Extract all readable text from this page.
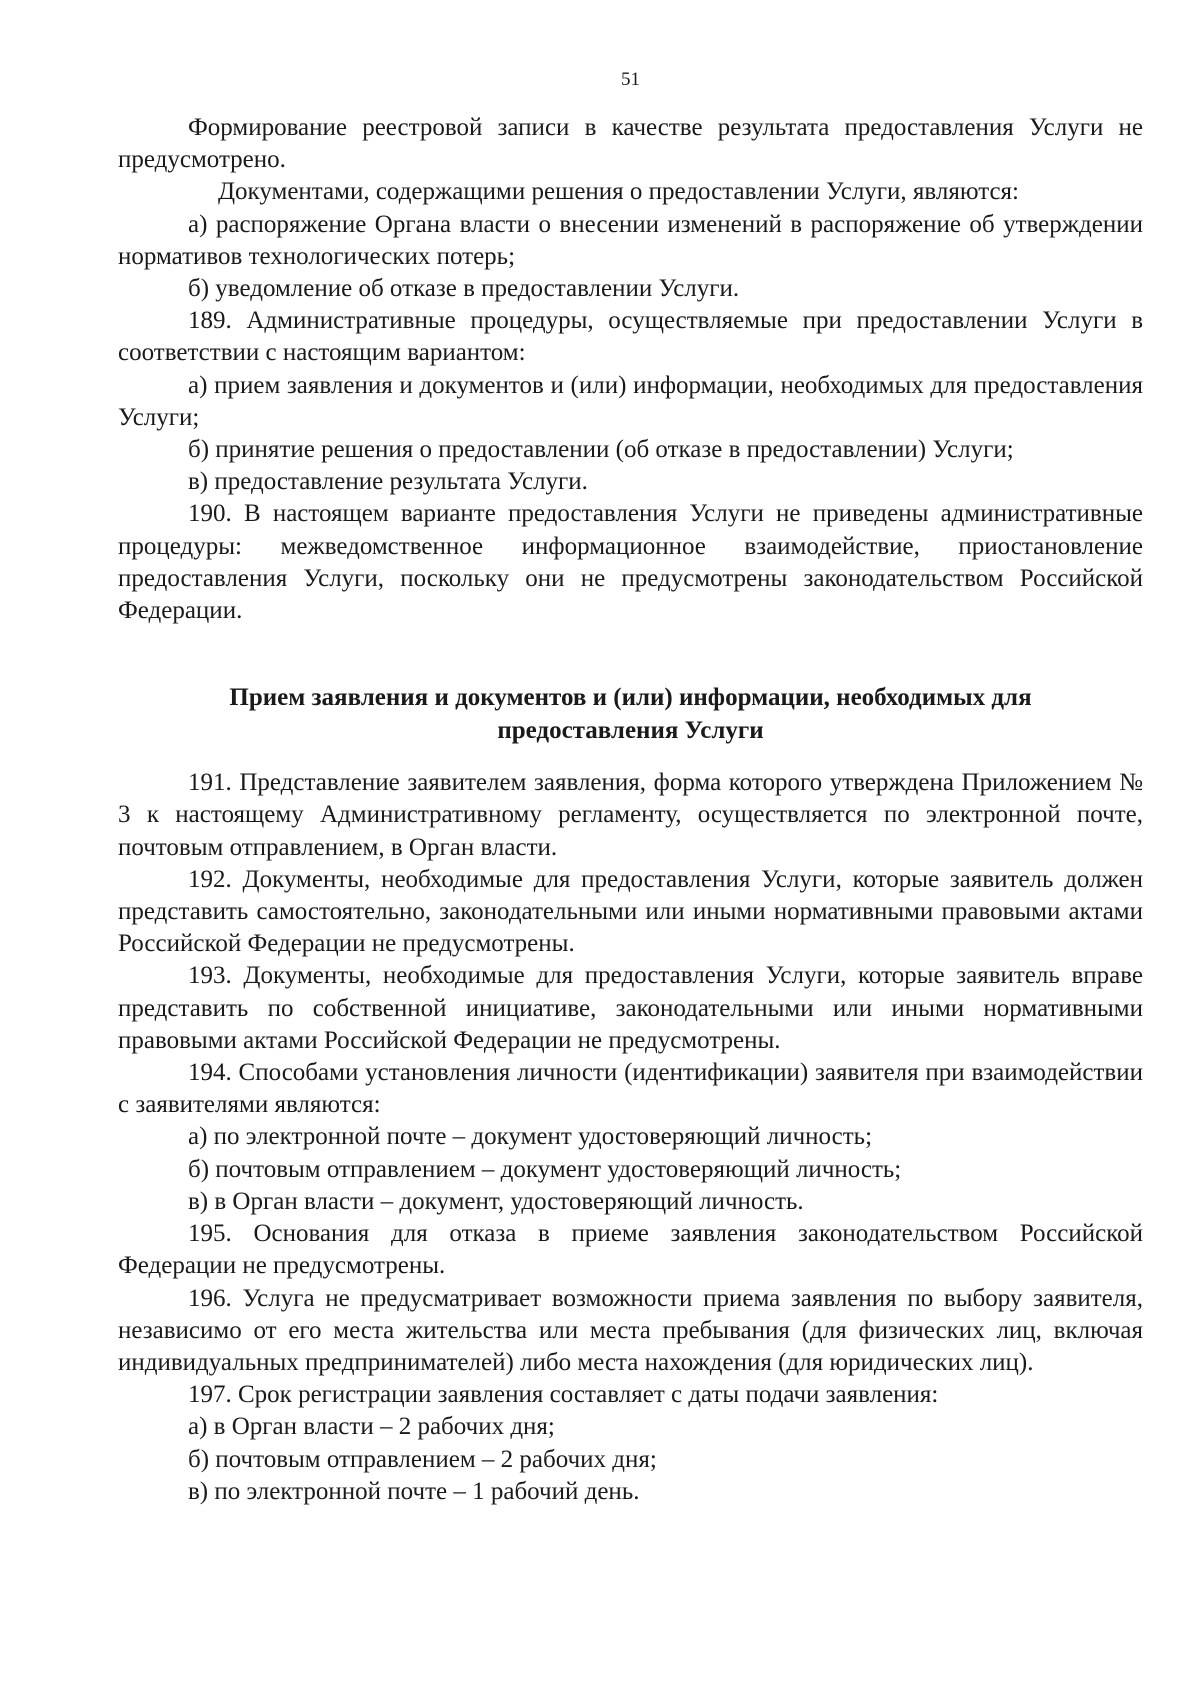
51

Формирование реестровой записи в качестве результата предоставления Услуги не предусмотрено.

Документами, содержащими решения о предоставлении Услуги, являются:

а) распоряжение Органа власти о внесении изменений в распоряжение об утверждении нормативов технологических потерь;

б) уведомление об отказе в предоставлении Услуги.

189. Административные процедуры, осуществляемые при предоставлении Услуги в соответствии с настоящим вариантом:

а) прием заявления и документов и (или) информации, необходимых для предоставления Услуги;

б) принятие решения о предоставлении (об отказе в предоставлении) Услуги;

в) предоставление результата Услуги.

190. В настоящем варианте предоставления Услуги не приведены административные процедуры: межведомственное информационное взаимодействие, приостановление предоставления Услуги, поскольку они не предусмотрены законодательством Российской Федерации.

Прием заявления и документов и (или) информации, необходимых для предоставления Услуги

191. Представление заявителем заявления, форма которого утверждена Приложением № 3 к настоящему Административному регламенту, осуществляется по электронной почте, почтовым отправлением, в Орган власти.

192. Документы, необходимые для предоставления Услуги, которые заявитель должен представить самостоятельно, законодательными или иными нормативными правовыми актами Российской Федерации не предусмотрены.

193. Документы, необходимые для предоставления Услуги, которые заявитель вправе представить по собственной инициативе, законодательными или иными нормативными правовыми актами Российской Федерации не предусмотрены.

194. Способами установления личности (идентификации) заявителя при взаимодействии с заявителями являются:

а) по электронной почте – документ удостоверяющий личность;

б) почтовым отправлением – документ удостоверяющий личность;

в) в Орган власти – документ, удостоверяющий личность.

195. Основания для отказа в приеме заявления законодательством Российской Федерации не предусмотрены.

196. Услуга не предусматривает возможности приема заявления по выбору заявителя, независимо от его места жительства или места пребывания (для физических лиц, включая индивидуальных предпринимателей) либо места нахождения (для юридических лиц).

197. Срок регистрации заявления составляет с даты подачи заявления:

а) в Орган власти – 2 рабочих дня;

б) почтовым отправлением – 2 рабочих дня;

в) по электронной почте – 1 рабочий день.
